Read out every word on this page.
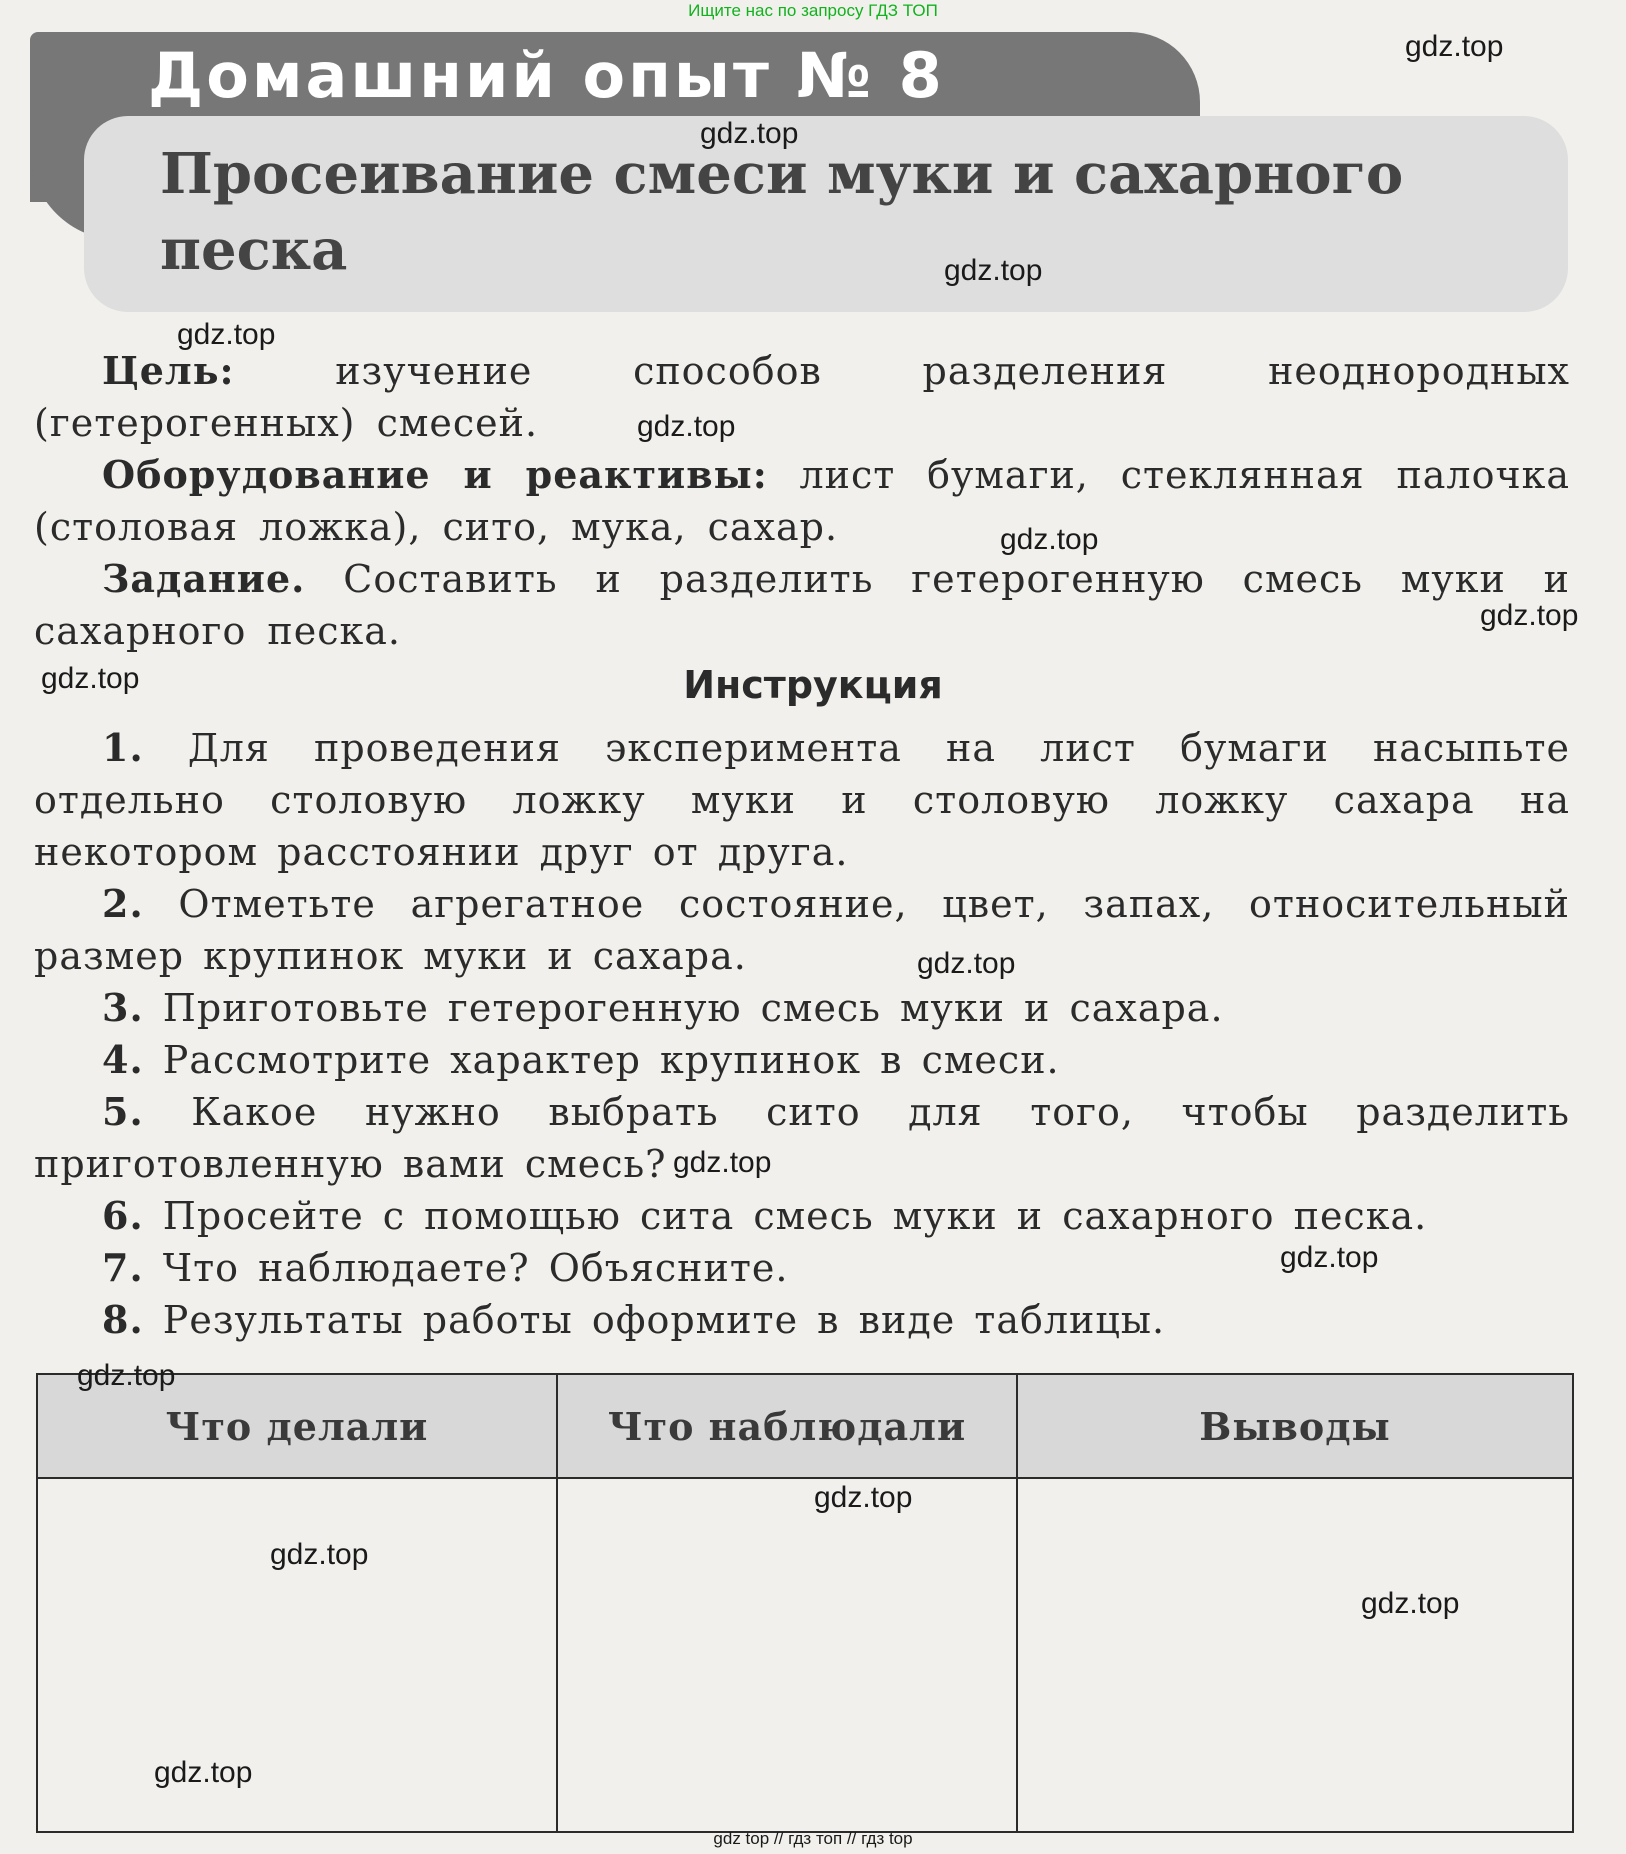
Ищите нас по запросу ГДЗ ТОП
Домашний опыт № 8
Просеивание смеси муки и сахарного песка
Цель:	изучение способов разделения неоднородных (гетерогенных) смесей.
Оборудование и реактивы: лист бумаги, стеклянная палочка (столовая ложка), сито, мука, сахар.
Задание. Составить и разделить гетерогенную смесь муки и сахарного песка.
Инструкция
1. Для проведения эксперимента на лист бумаги насыпьте отдельно столовую ложку муки и столовую ложку сахара на некотором расстоянии друг от друга.
2. Отметьте агрегатное состояние, цвет, запах, относительный размер крупинок муки и сахара.
3. Приготовьте гетерогенную смесь муки и сахара.
4. Рассмотрите характер крупинок в смеси.
5. Какое нужно выбрать сито для того, чтобы разделить приготовленную вами смесь?
6. Просейте с помощью сита смесь муки и сахарного песка.
7. Что наблюдаете? Объясните.
8. Результаты работы оформите в виде таблицы.
Что делали	Что наблюдали	Выводы

gdz.top
gdz.top
gdz.top
gdz.top
gdz.top
gdz.top
gdz.top
gdz.top
gdz.top
gdz.top
gdz.top
gdz.top
gdz.top
gdz.top
gdz.top
gdz.top
gdz top // гдз топ // гдз top
